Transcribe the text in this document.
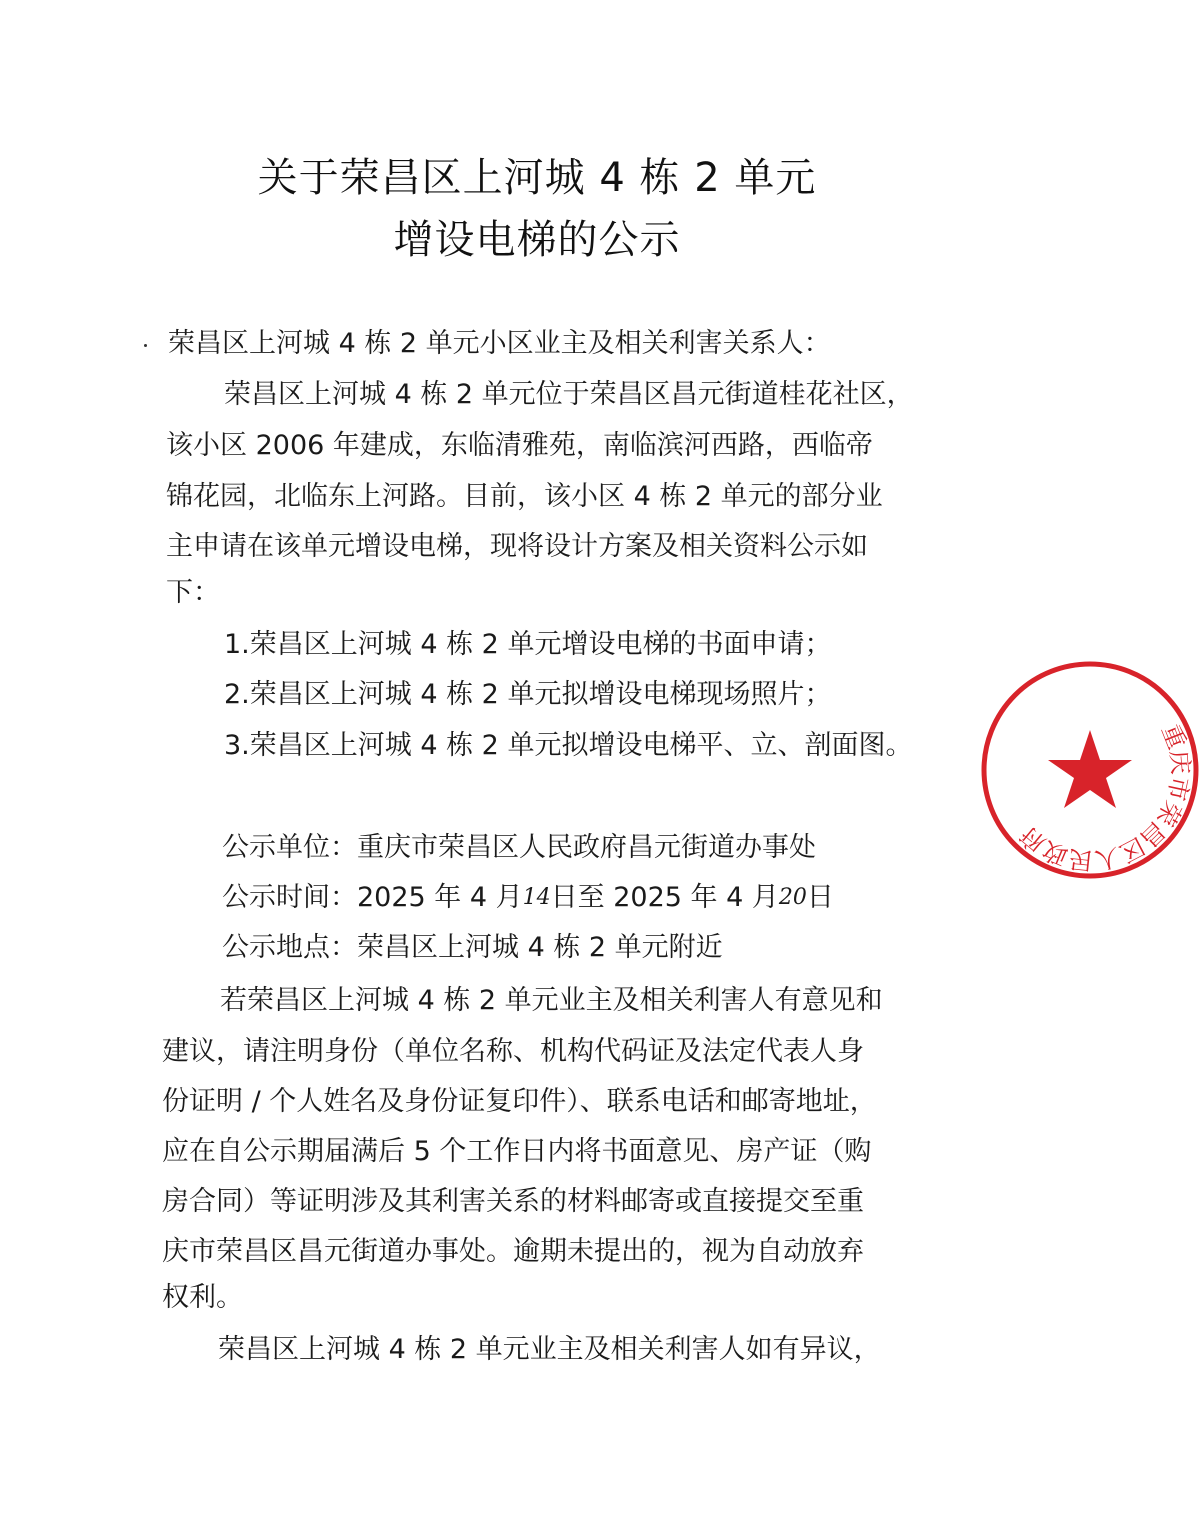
关于荣昌区上河城 4 栋 2 单元
增设电梯的公示
荣昌区上河城 4 栋 2 单元小区业主及相关利害关系人：
荣昌区上河城 4 栋 2 单元位于荣昌区昌元街道桂花社区，
该小区 2006 年建成，东临清雅苑，南临滨河西路，西临帝
锦花园，北临东上河路。目前，该小区 4 栋 2 单元的部分业
主申请在该单元增设电梯，现将设计方案及相关资料公示如
下：
1.荣昌区上河城 4 栋 2 单元增设电梯的书面申请；
2.荣昌区上河城 4 栋 2 单元拟增设电梯现场照片；
3.荣昌区上河城 4 栋 2 单元拟增设电梯平、立、剖面图。
公示单位：重庆市荣昌区人民政府昌元街道办事处
公示时间：2025 年 4 月14日至 2025 年 4 月20日
公示地点：荣昌区上河城 4 栋 2 单元附近
若荣昌区上河城 4 栋 2 单元业主及相关利害人有意见和
建议，请注明身份（单位名称、机构代码证及法定代表人身
份证明 / 个人姓名及身份证复印件）、联系电话和邮寄地址，
应在自公示期届满后 5 个工作日内将书面意见、房产证（购
房合同）等证明涉及其利害关系的材料邮寄或直接提交至重
庆市荣昌区昌元街道办事处。逾期未提出的，视为自动放弃
权利。
荣昌区上河城 4 栋 2 单元业主及相关利害人如有异议，
重庆市荣昌区人民政府
